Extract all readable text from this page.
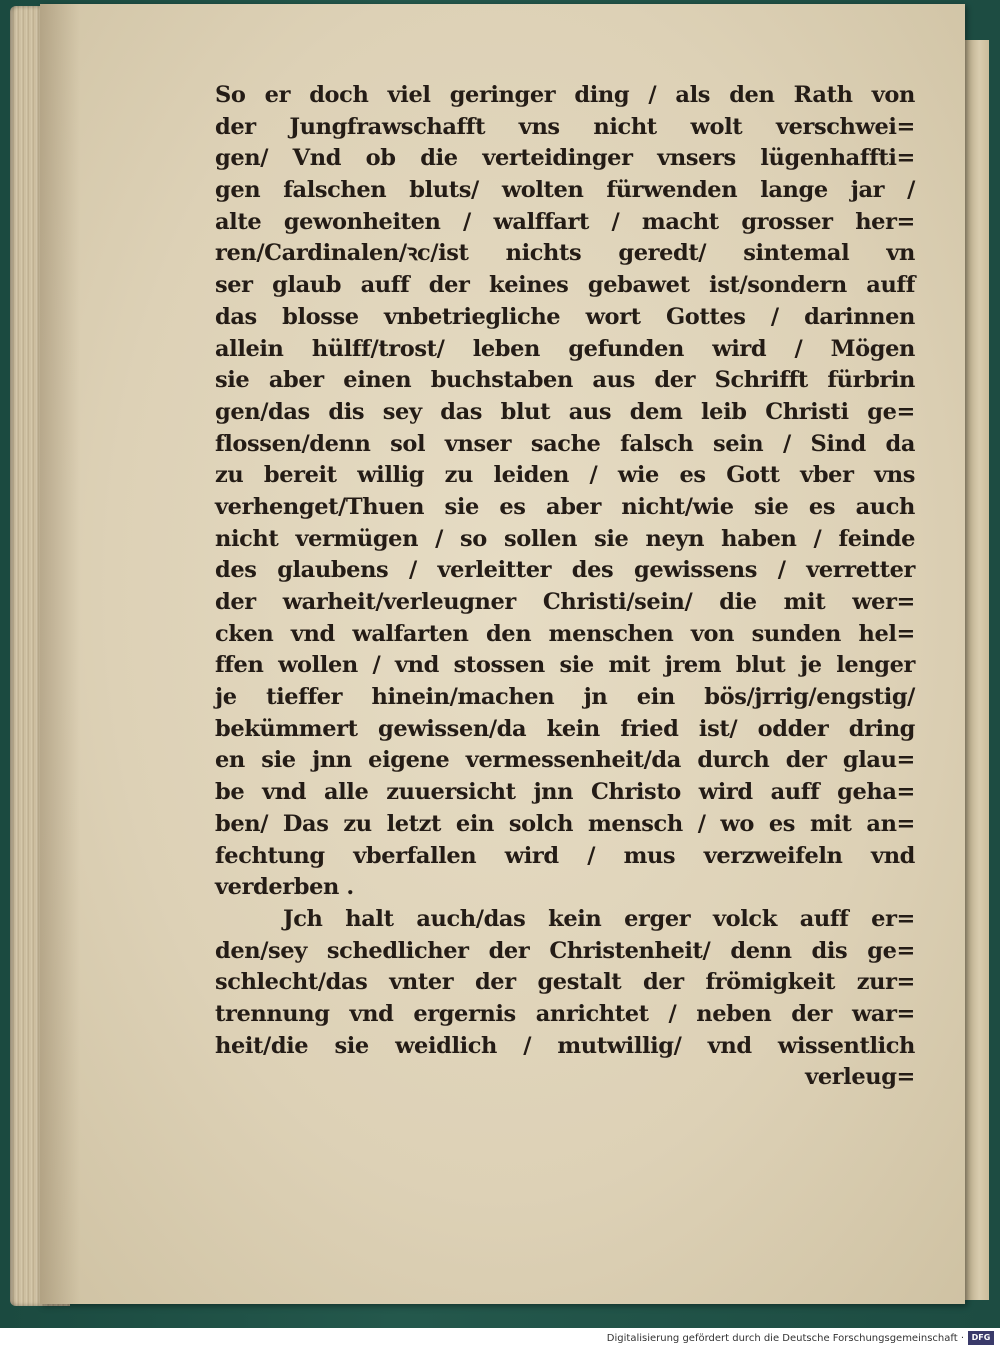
So er doch viel geringer ding / als den Rath von
der Jungfrawschafft vns nicht wolt verschwei=
gen/ Vnd ob die verteidinger vnsers lügenhaffti=
gen falschen bluts/ wolten fürwenden lange jar /
alte gewonheiten / walffart / macht grosser her=
ren/Cardinalen/ꝛc/ist nichts geredt/ sintemal vn
ser glaub auff der keines gebawet ist/sondern auff
das blosse vnbetriegliche wort Gottes / darinnen
allein hülff/trost/ leben gefunden wird / Mögen
sie aber einen buchstaben aus der Schrifft fürbrin
gen/das dis sey das blut aus dem leib Christi ge=
flossen/denn sol vnser sache falsch sein / Sind da
zu bereit willig zu leiden / wie es Gott vber vns
verhenget/Thuen sie es aber nicht/wie sie es auch
nicht vermügen / so sollen sie neyn haben / feinde
des glaubens / verleitter des gewissens / verretter
der warheit/verleugner Christi/sein/ die mit wer=
cken vnd walfarten den menschen von sunden hel=
ffen wollen / vnd stossen sie mit jrem blut je lenger
je tieffer hinein/machen jn ein bös/jrrig/engstig/
bekümmert gewissen/da kein fried ist/ odder dring
en sie jnn eigene vermessenheit/da durch der glau=
be vnd alle zuuersicht jnn Christo wird auff geha=
ben/ Das zu letzt ein solch mensch / wo es mit an=
fechtung vberfallen wird / mus verzweifeln vnd
verderben .
Jch halt auch/das kein erger volck auff er=
den/sey schedlicher der Christenheit/ denn dis ge=
schlecht/das vnter der gestalt der frömigkeit zur=
trennung vnd ergernis anrichtet / neben der war=
heit/die sie weidlich / mutwillig/ vnd wissentlich
verleug=
Digitalisierung gefördert durch die Deutsche Forschungsgemeinschaft · DFG
